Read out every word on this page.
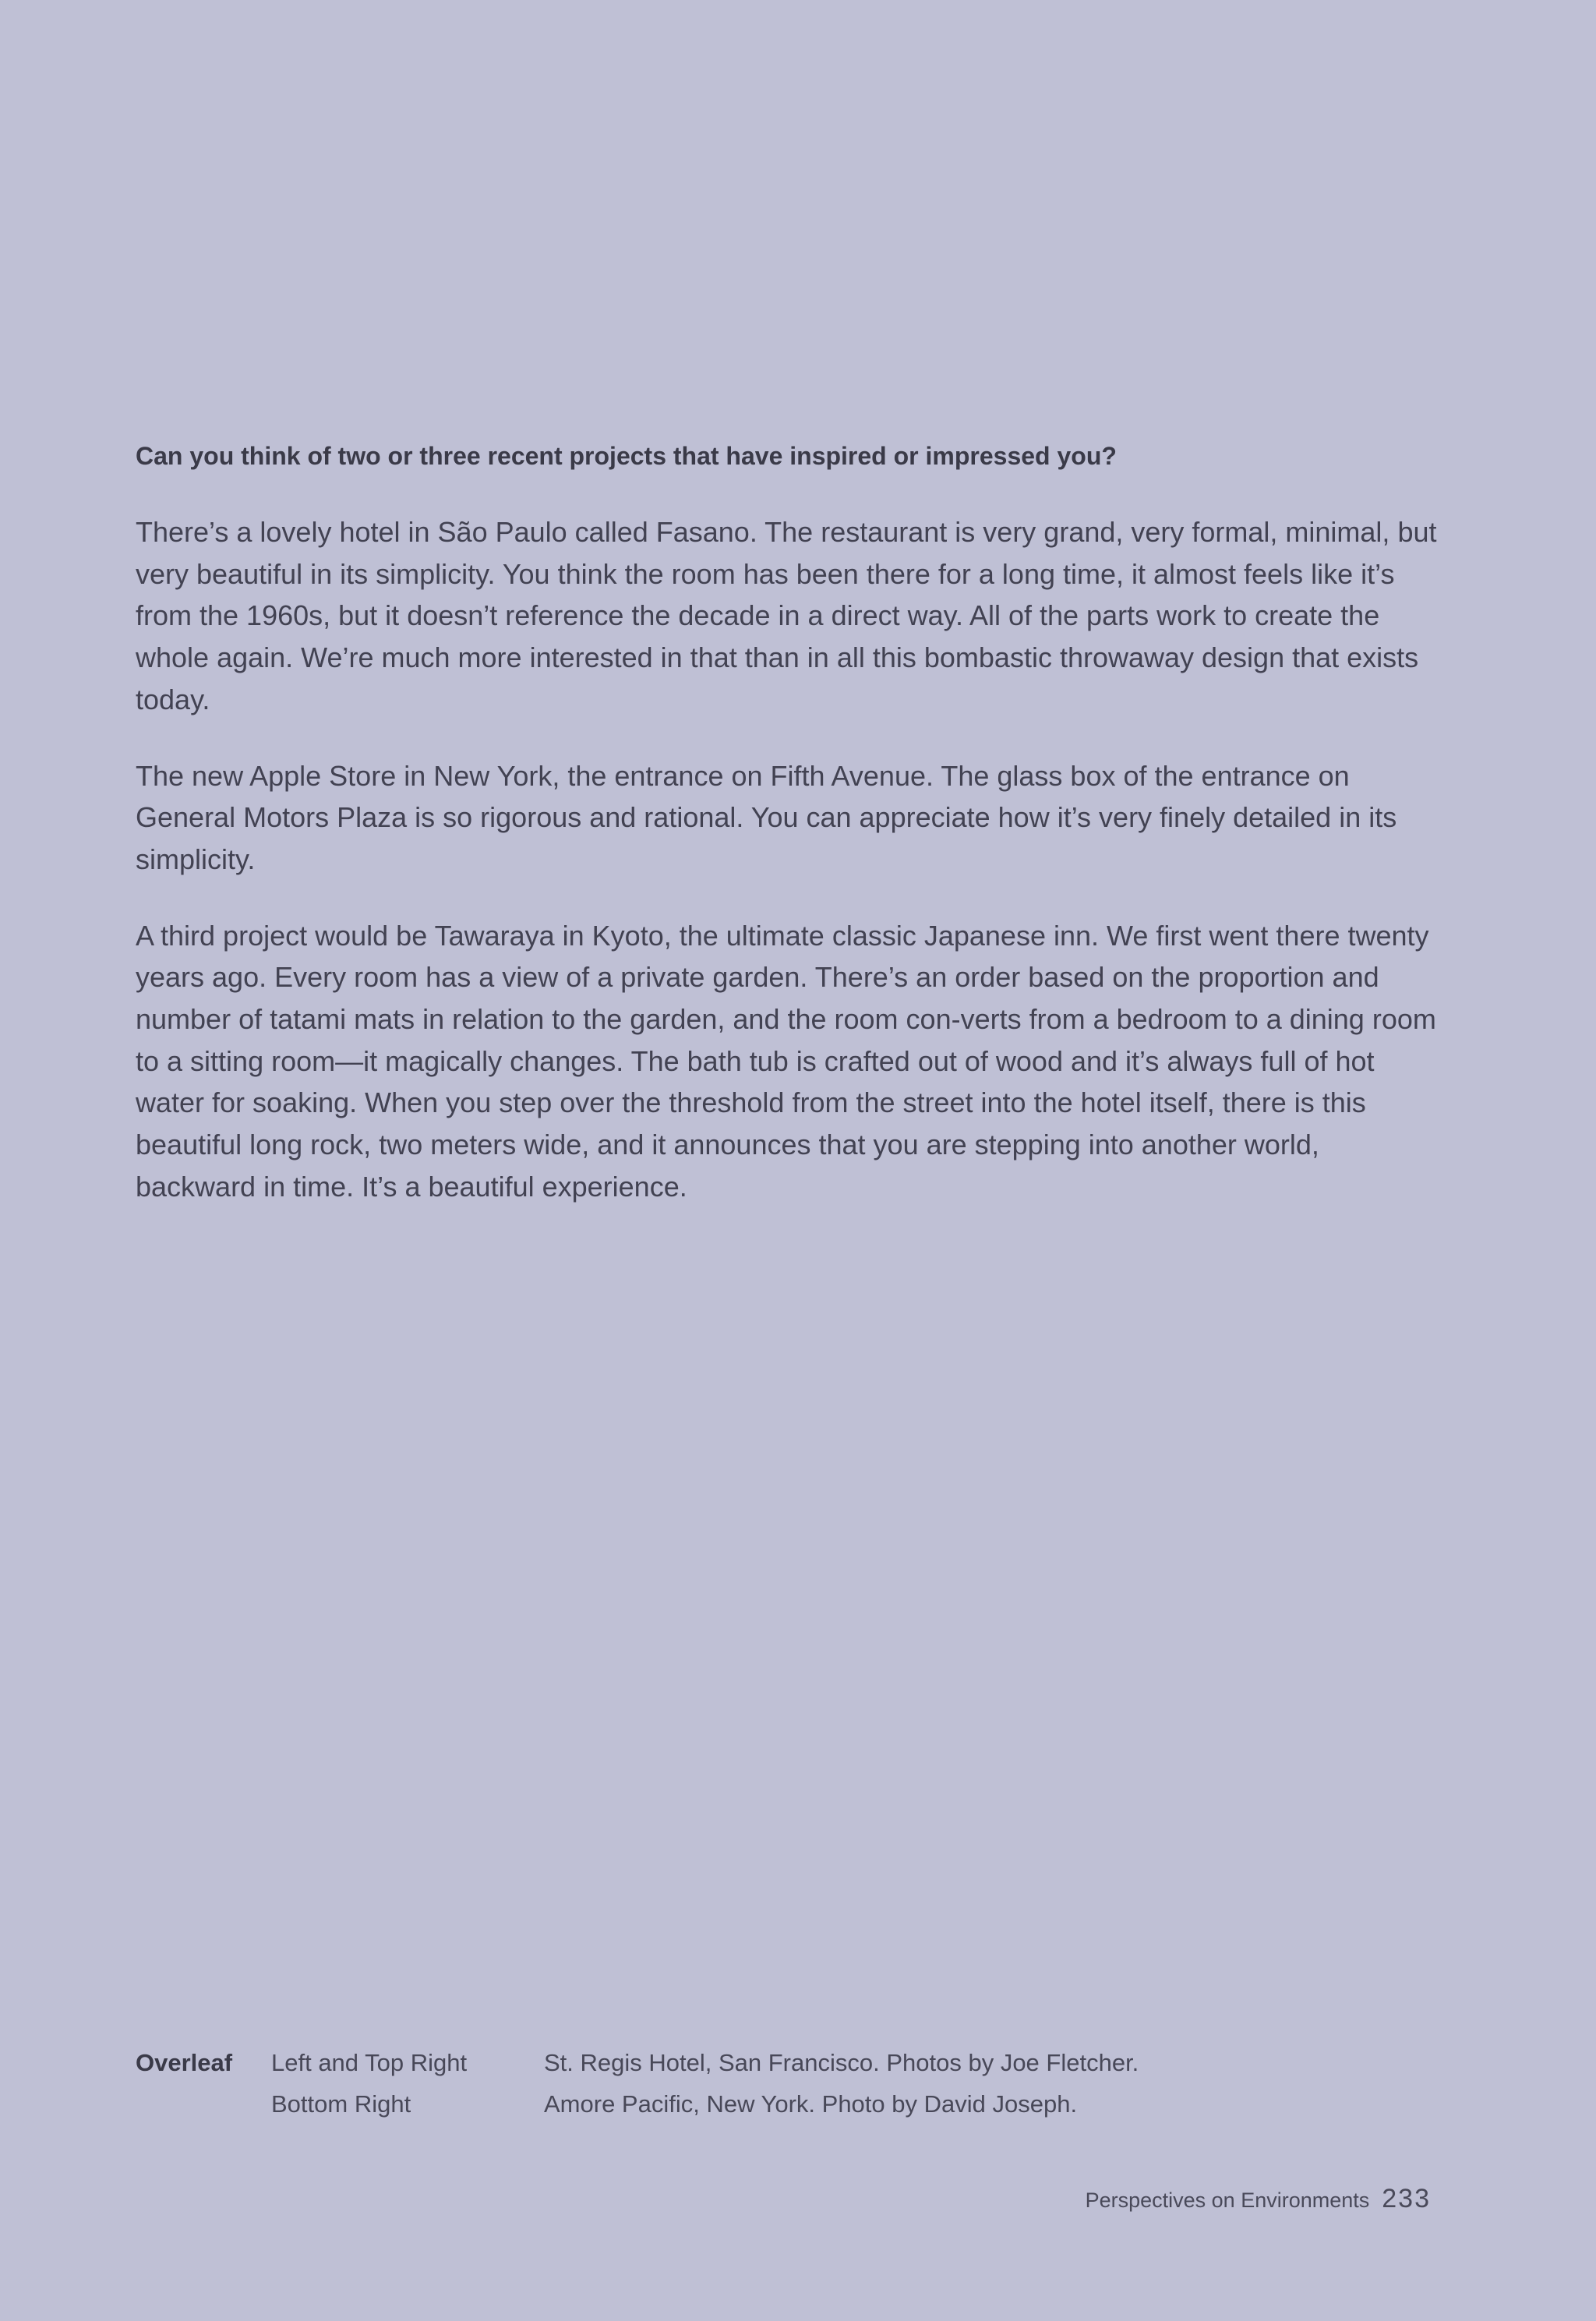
Can you think of two or three recent projects that have inspired or impressed you?

There’s a lovely hotel in São Paulo called Fasano. The restaurant is very grand, very formal, minimal, but very beautiful in its simplicity. You think the room has been there for a long time, it almost feels like it’s from the 1960s, but it doesn’t reference the decade in a direct way. All of the parts work to create the whole again. We’re much more interested in that than in all this bombastic throwaway design that exists today.

The new Apple Store in New York, the entrance on Fifth Avenue. The glass box of the entrance on General Motors Plaza is so rigorous and rational. You can appreciate how it’s very finely detailed in its simplicity.

A third project would be Tawaraya in Kyoto, the ultimate classic Japanese inn. We first went there twenty years ago. Every room has a view of a private garden. There’s an order based on the proportion and number of tatami mats in relation to the garden, and the room con-verts from a bedroom to a dining room to a sitting room—it magically changes. The bath tub is crafted out of wood and it’s always full of hot water for soaking. When you step over the threshold from the street into the hotel itself, there is this beautiful long rock, two meters wide, and it announces that you are stepping into another world, backward in time. It’s a beautiful experience.

Overleaf Left and Top Right	St. Regis Hotel, San Francisco. Photos by Joe Fletcher.
Bottom Right	Amore Pacific, New York. Photo by David Joseph.
Perspectives on Environments 233
